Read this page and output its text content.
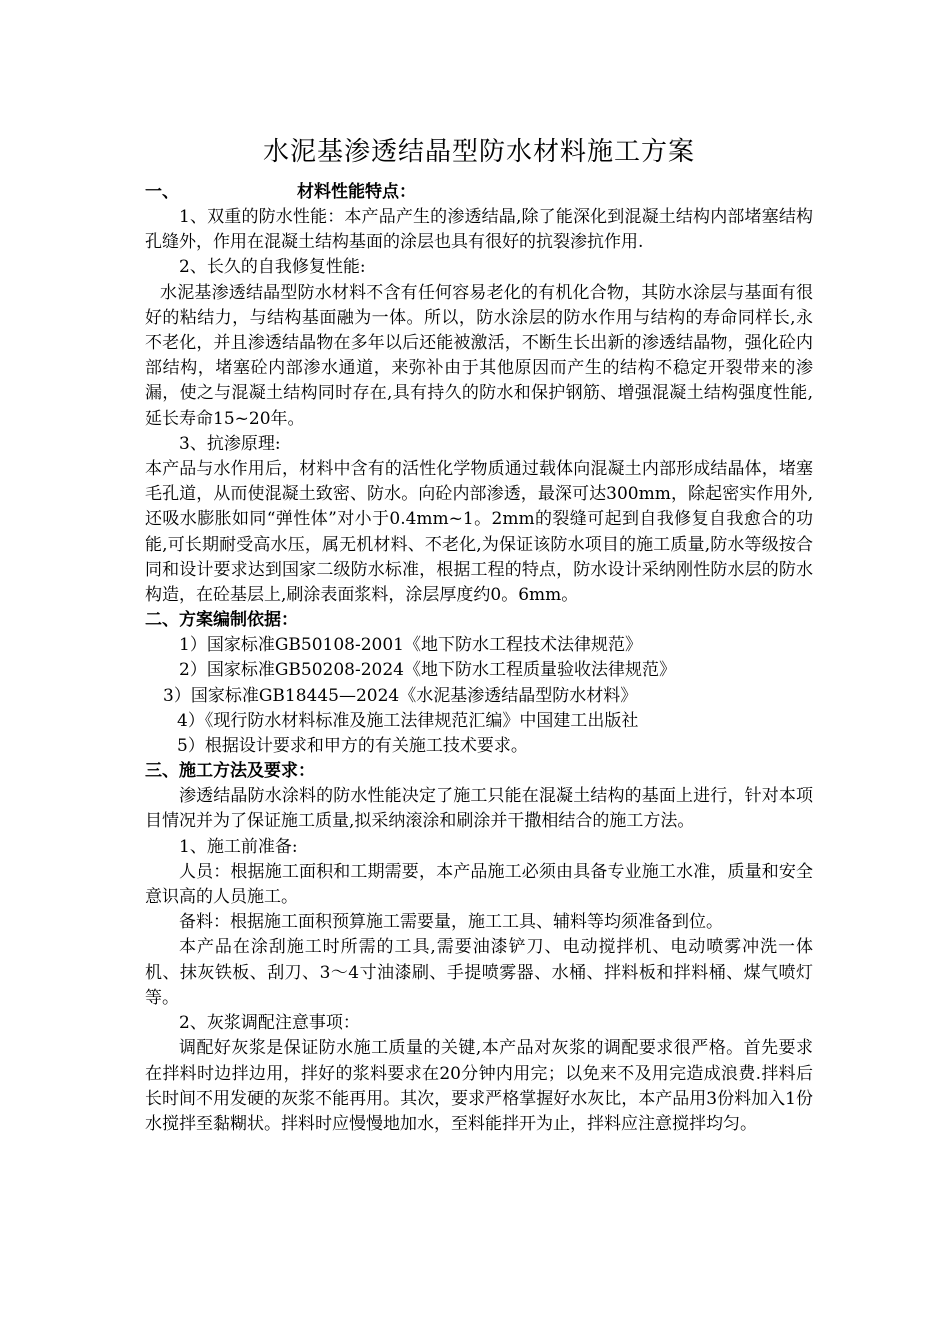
水泥基渗透结晶型防水材料施工方案

一、	材料性能特点：

1、双重的防水性能：本产品产生的渗透结晶,除了能深化到混凝土结构内部堵塞结构孔缝外，作用在混凝土结构基面的涂层也具有很好的抗裂渗抗作用.

2、长久的自我修复性能:

水泥基渗透结晶型防水材料不含有任何容易老化的有机化合物，其防水涂层与基面有很好的粘结力，与结构基面融为一体。所以，防水涂层的防水作用与结构的寿命同样长,永不老化，并且渗透结晶物在多年以后还能被激活，不断生长出新的渗透结晶物，强化砼内部结构，堵塞砼内部渗水通道，来弥补由于其他原因而产生的结构不稳定开裂带来的渗漏，使之与混凝土结构同时存在,具有持久的防水和保护钢筋、增强混凝土结构强度性能,延长寿命15~20年。

3、抗渗原理:

本产品与水作用后，材料中含有的活性化学物质通过载体向混凝土内部形成结晶体，堵塞毛孔道，从而使混凝土致密、防水。向砼内部渗透，最深可达300mm，除起密实作用外,还吸水膨胀如同“弹性体”对小于0.4mm~1。2mm的裂缝可起到自我修复自我愈合的功能,可长期耐受高水压，属无机材料、不老化,为保证该防水项目的施工质量,防水等级按合同和设计要求达到国家二级防水标准，根据工程的特点，防水设计采纳刚性防水层的防水构造，在砼基层上,刷涂表面浆料，涂层厚度约0。6mm。

二、方案编制依据：

1）国家标准GB50108-2001《地下防水工程技术法律规范》

2）国家标准GB50208-2024《地下防水工程质量验收法律规范》

3）国家标准GB18445—2024《水泥基渗透结晶型防水材料》

4）《现行防水材料标准及施工法律规范汇编》中国建工出版社

5）根据设计要求和甲方的有关施工技术要求。

三、施工方法及要求：

渗透结晶防水涂料的防水性能决定了施工只能在混凝土结构的基面上进行，针对本项目情况并为了保证施工质量,拟采纳滚涂和刷涂并干撒相结合的施工方法。

1、施工前准备:

人员：根据施工面积和工期需要，本产品施工必须由具备专业施工水准，质量和安全意识高的人员施工。

备料：根据施工面积预算施工需要量，施工工具、辅料等均须准备到位。

本产品在涂刮施工时所需的工具,需要油漆铲刀、电动搅拌机、电动喷雾冲洗一体机、抹灰铁板、刮刀、3～4寸油漆刷、手提喷雾器、水桶、拌料板和拌料桶、煤气喷灯等。

2、灰浆调配注意事项：

调配好灰浆是保证防水施工质量的关键,本产品对灰浆的调配要求很严格。首先要求在拌料时边拌边用，拌好的浆料要求在20分钟内用完；以免来不及用完造成浪费.拌料后长时间不用发硬的灰浆不能再用。其次，要求严格掌握好水灰比，本产品用3份料加入1份水搅拌至黏糊状。拌料时应慢慢地加水，至料能拌开为止，拌料应注意搅拌均匀。
